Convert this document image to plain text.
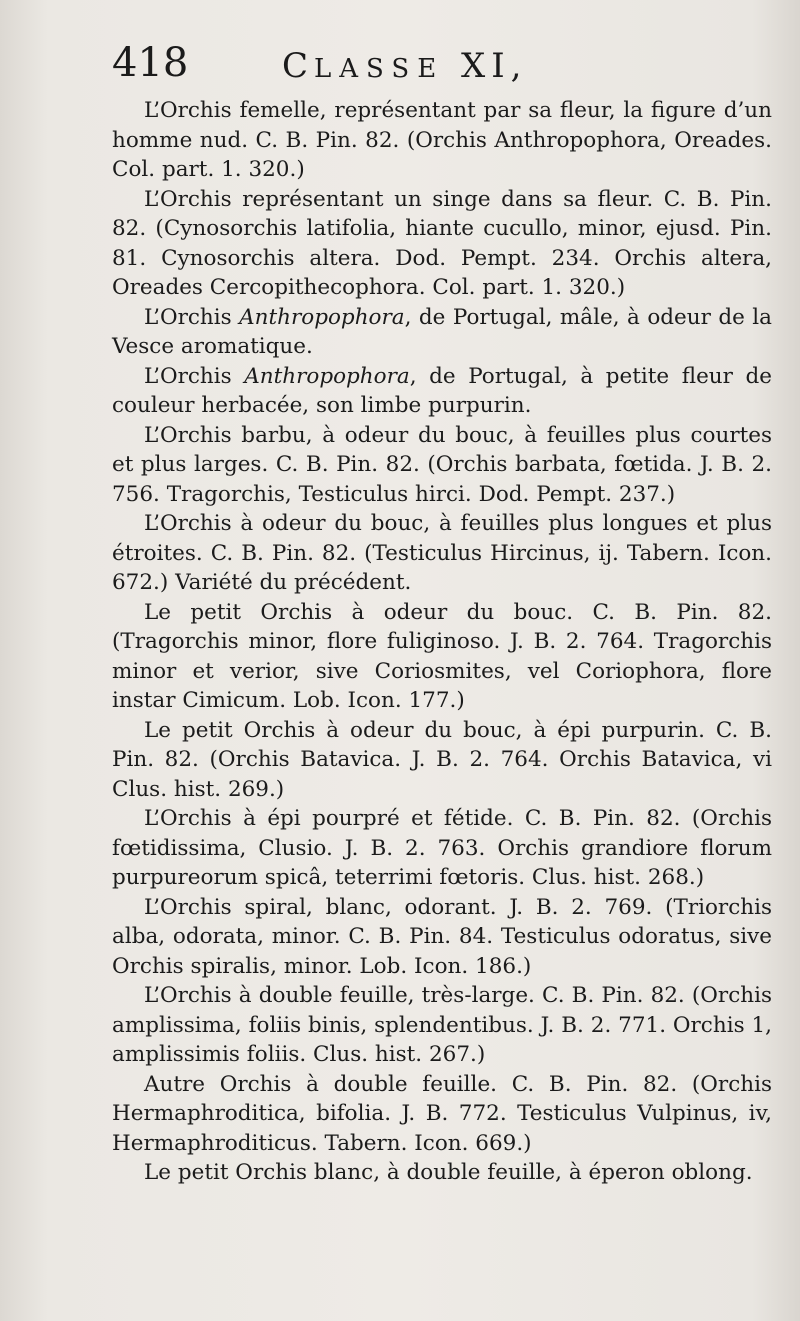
418	CLASSE XI,

L’Orchis femelle, représentant par sa fleur, la figure d’un homme nud. C. B. Pin. 82. (Orchis Anthropophora, Oreades. Col. part. 1. 320.)

L’Orchis représentant un singe dans sa fleur. C. B. Pin. 82. (Cynosorchis latifolia, hiante cucullo, minor, ejusd. Pin. 81. Cynosorchis altera. Dod. Pempt. 234. Orchis altera, Oreades Cercopithecophora. Col. part. 1. 320.)

L’Orchis Anthropophora, de Portugal, mâle, à odeur de la Vesce aromatique.

L’Orchis Anthropophora, de Portugal, à petite fleur de couleur herbacée, son limbe purpurin.

L’Orchis barbu, à odeur du bouc, à feuilles plus courtes et plus larges. C. B. Pin. 82. (Orchis barbata, fœtida. J. B. 2. 756. Tragorchis, Testiculus hirci. Dod. Pempt. 237.)

L’Orchis à odeur du bouc, à feuilles plus longues et plus étroites. C. B. Pin. 82. (Testiculus Hircinus, ij. Tabern. Icon. 672.) Variété du précédent.

Le petit Orchis à odeur du bouc. C. B. Pin. 82. (Tragorchis minor, flore fuliginoso. J. B. 2. 764. Tragorchis minor et verior, sive Coriosmites, vel Coriophora, flore instar Cimicum. Lob. Icon. 177.)

Le petit Orchis à odeur du bouc, à épi purpurin. C. B. Pin. 82. (Orchis Batavica. J. B. 2. 764. Orchis Batavica, vi Clus. hist. 269.)

L’Orchis à épi pourpré et fétide. C. B. Pin. 82. (Orchis fœtidissima, Clusio. J. B. 2. 763. Orchis grandiore florum purpureorum spicâ, teterrimi fœtoris. Clus. hist. 268.)

L’Orchis spiral, blanc, odorant. J. B. 2. 769. (Triorchis alba, odorata, minor. C. B. Pin. 84. Testiculus odoratus, sive Orchis spiralis, minor. Lob. Icon. 186.)

L’Orchis à double feuille, très-large. C. B. Pin. 82. (Orchis amplissima, foliis binis, splendentibus. J. B. 2. 771. Orchis 1, amplissimis foliis. Clus. hist. 267.)

Autre Orchis à double feuille. C. B. Pin. 82. (Orchis Hermaphroditica, bifolia. J. B. 772. Testiculus Vulpinus, iv, Hermaphroditicus. Tabern. Icon. 669.)

Le petit Orchis blanc, à double feuille, à éperon oblong.
